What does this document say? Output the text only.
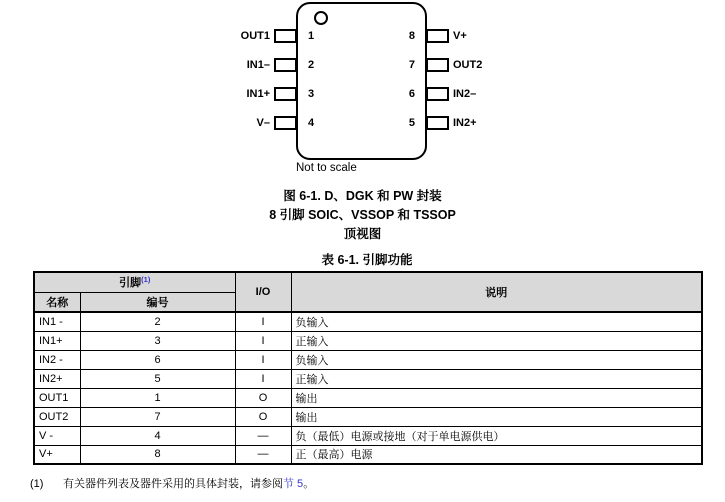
OUT1
IN1–
IN1+
V–
1
2
3
4
8
7
6
5
V+
OUT2
IN2–
IN2+
Not to scale
图 6-1. D、DGK 和 PW 封装
8 引脚 SOIC、VSSOP 和 TSSOP
顶视图
表 6-1. 引脚功能
引脚$^{(1)}$		I/O	说明
名称	编号		
IN1 -	2	I	负输入
IN1+	3	I	正输入
IN2 -	6	I	负输入
IN2+	5	I	正输入
OUT1	1	O	输出
OUT2	7	O	输出
V -	4	—	负（最低）电源或接地（对于单电源供电）
V+	8	—	正（最高）电源
(1) 有关器件列表及器件采用的具体封装，请参阅节 5。
